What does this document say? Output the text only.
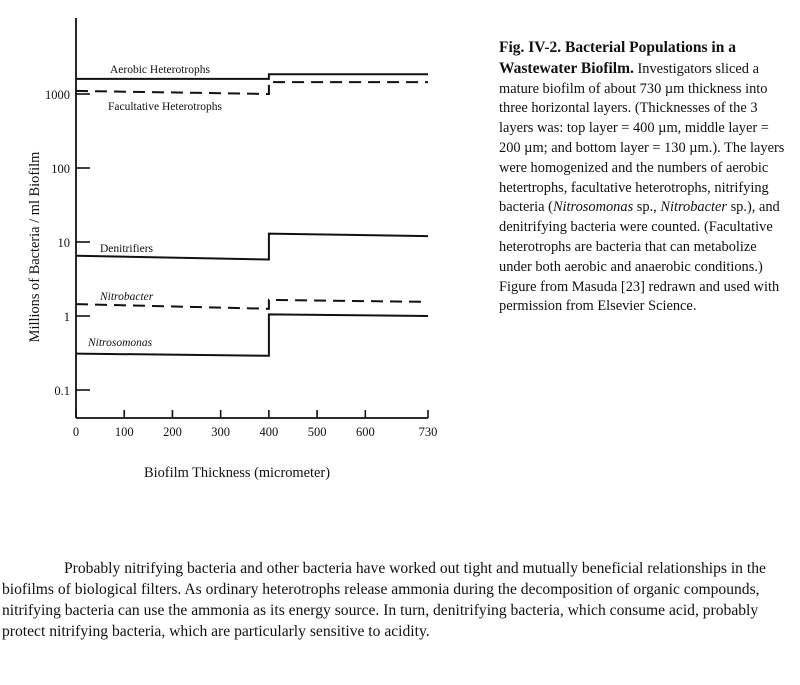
0.1
1
10
100
1000
0	100 200 300 400 500 600	730
Aerobic Heterotrophs
Facultative Heterotrophs
Denitrifiers
Nitrobacter
Nitrosomonas
Biofilm Thickness (micrometer)
Millions of Bacteria / ml Biofilm

Fig. IV-2. Bacterial Populations in a Wastewater Biofilm. Investigators sliced a mature biofilm of about 730 µm thickness into three horizontal layers. (Thicknesses of the 3 layers was: top layer = 400 µm, middle layer = 200 µm; and bottom layer = 130 µm.). The layers were homogenized and the numbers of aerobic hetertrophs, facultative heterotrophs, nitrifying bacteria (Nitrosomonas sp., Nitrobacter sp.), and denitrifying bacteria were counted. (Facultative heterotrophs are bacteria that can metabolize under both aerobic and anaerobic conditions.) Figure from Masuda [23] redrawn and used with permission from Elsevier Science.

Probably nitrifying bacteria and other bacteria have worked out tight and mutually beneficial relationships in the biofilms of biological filters. As ordinary heterotrophs release ammonia during the decomposition of organic compounds, nitrifying bacteria can use the ammonia as its energy source. In turn, denitrifying bacteria, which consume acid, probably protect nitrifying bacteria, which are particularly sensitive to acidity.
